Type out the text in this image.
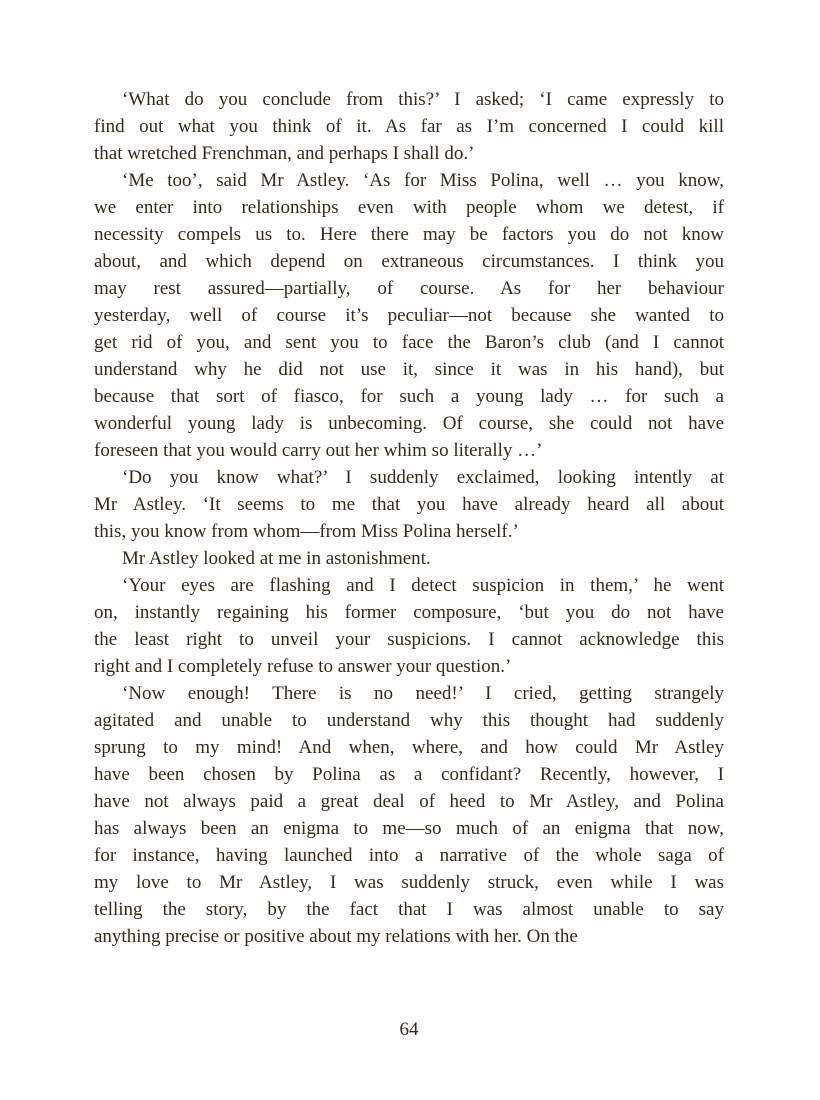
‘What do you conclude from this?’ I asked; ‘I came expressly to
find out what you think of it. As far as I’m concerned I could kill
that wretched Frenchman, and perhaps I shall do.’
‘Me too’, said Mr Astley. ‘As for Miss Polina, well … you know,
we enter into relationships even with people whom we detest, if
necessity compels us to. Here there may be factors you do not know
about, and which depend on extraneous circumstances. I think you
may rest assured—partially, of course. As for her behaviour
yesterday, well of course it’s peculiar—not because she wanted to
get rid of you, and sent you to face the Baron’s club (and I cannot
understand why he did not use it, since it was in his hand), but
because that sort of fiasco, for such a young lady … for such a
wonderful young lady is unbecoming. Of course, she could not have
foreseen that you would carry out her whim so literally …’
‘Do you know what?’ I suddenly exclaimed, looking intently at
Mr Astley. ‘It seems to me that you have already heard all about
this, you know from whom—from Miss Polina herself.’
Mr Astley looked at me in astonishment.
‘Your eyes are flashing and I detect suspicion in them,’ he went
on, instantly regaining his former composure, ‘but you do not have
the least right to unveil your suspicions. I cannot acknowledge this
right and I completely refuse to answer your question.’
‘Now enough! There is no need!’ I cried, getting strangely
agitated and unable to understand why this thought had suddenly
sprung to my mind! And when, where, and how could Mr Astley
have been chosen by Polina as a confidant? Recently, however, I
have not always paid a great deal of heed to Mr Astley, and Polina
has always been an enigma to me—so much of an enigma that now,
for instance, having launched into a narrative of the whole saga of
my love to Mr Astley, I was suddenly struck, even while I was
telling the story, by the fact that I was almost unable to say
anything precise or positive about my relations with her. On the
64
